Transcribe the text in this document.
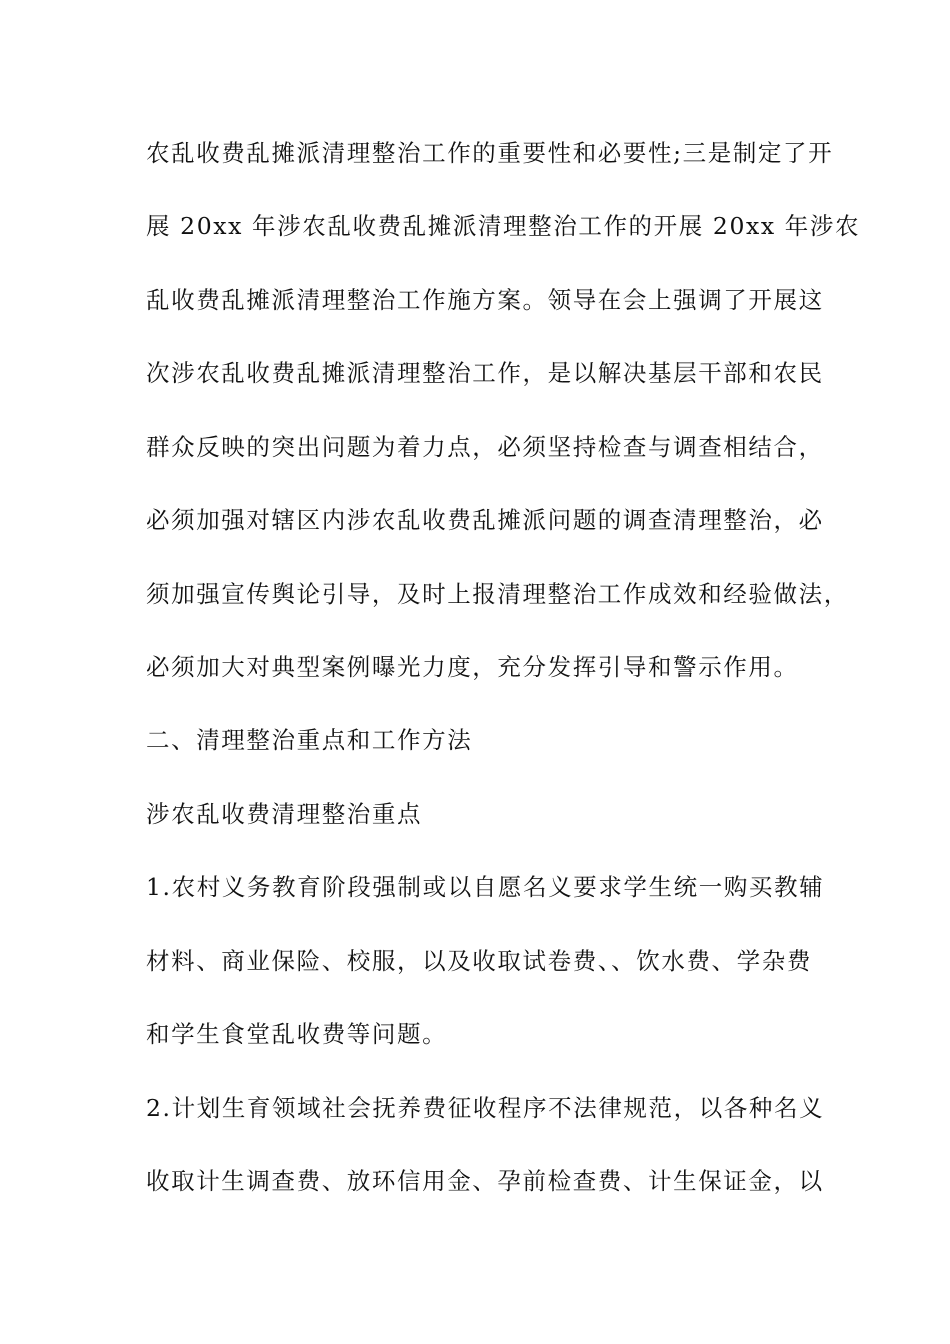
农乱收费乱摊派清理整治工作的重要性和必要性;三是制定了开
展 20xx 年涉农乱收费乱摊派清理整治工作的开展 20xx 年涉农
乱收费乱摊派清理整治工作施方案。领导在会上强调了开展这
次涉农乱收费乱摊派清理整治工作，是以解决基层干部和农民
群众反映的突出问题为着力点，必须坚持检查与调查相结合，
必须加强对辖区内涉农乱收费乱摊派问题的调查清理整治，必
须加强宣传舆论引导，及时上报清理整治工作成效和经验做法，
必须加大对典型案例曝光力度，充分发挥引导和警示作用。
二、清理整治重点和工作方法
涉农乱收费清理整治重点
1.农村义务教育阶段强制或以自愿名义要求学生统一购买教辅
材料、商业保险、校服，以及收取试卷费、、饮水费、学杂费
和学生食堂乱收费等问题。
2.计划生育领域社会抚养费征收程序不法律规范，以各种名义
收取计生调查费、放环信用金、孕前检查费、计生保证金，以
